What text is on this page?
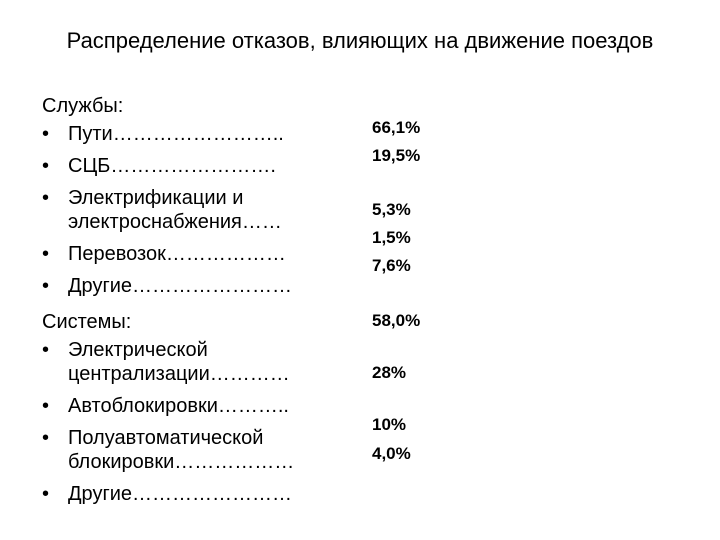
Распределение отказов, влияющих на движение поездов
Службы:
• Пути……………………..
• СЦБ…………………….
• Электрификации и электроснабжения……
• Перевозок………………
• Другие……………………
Системы:
• Электрической централизации…………
• Автоблокировки………..
• Полуавтоматической блокировки………………
• Другие……………………
66,1%
19,5%
5,3%
1,5%
7,6%
58,0%
28%
10%
4,0%
